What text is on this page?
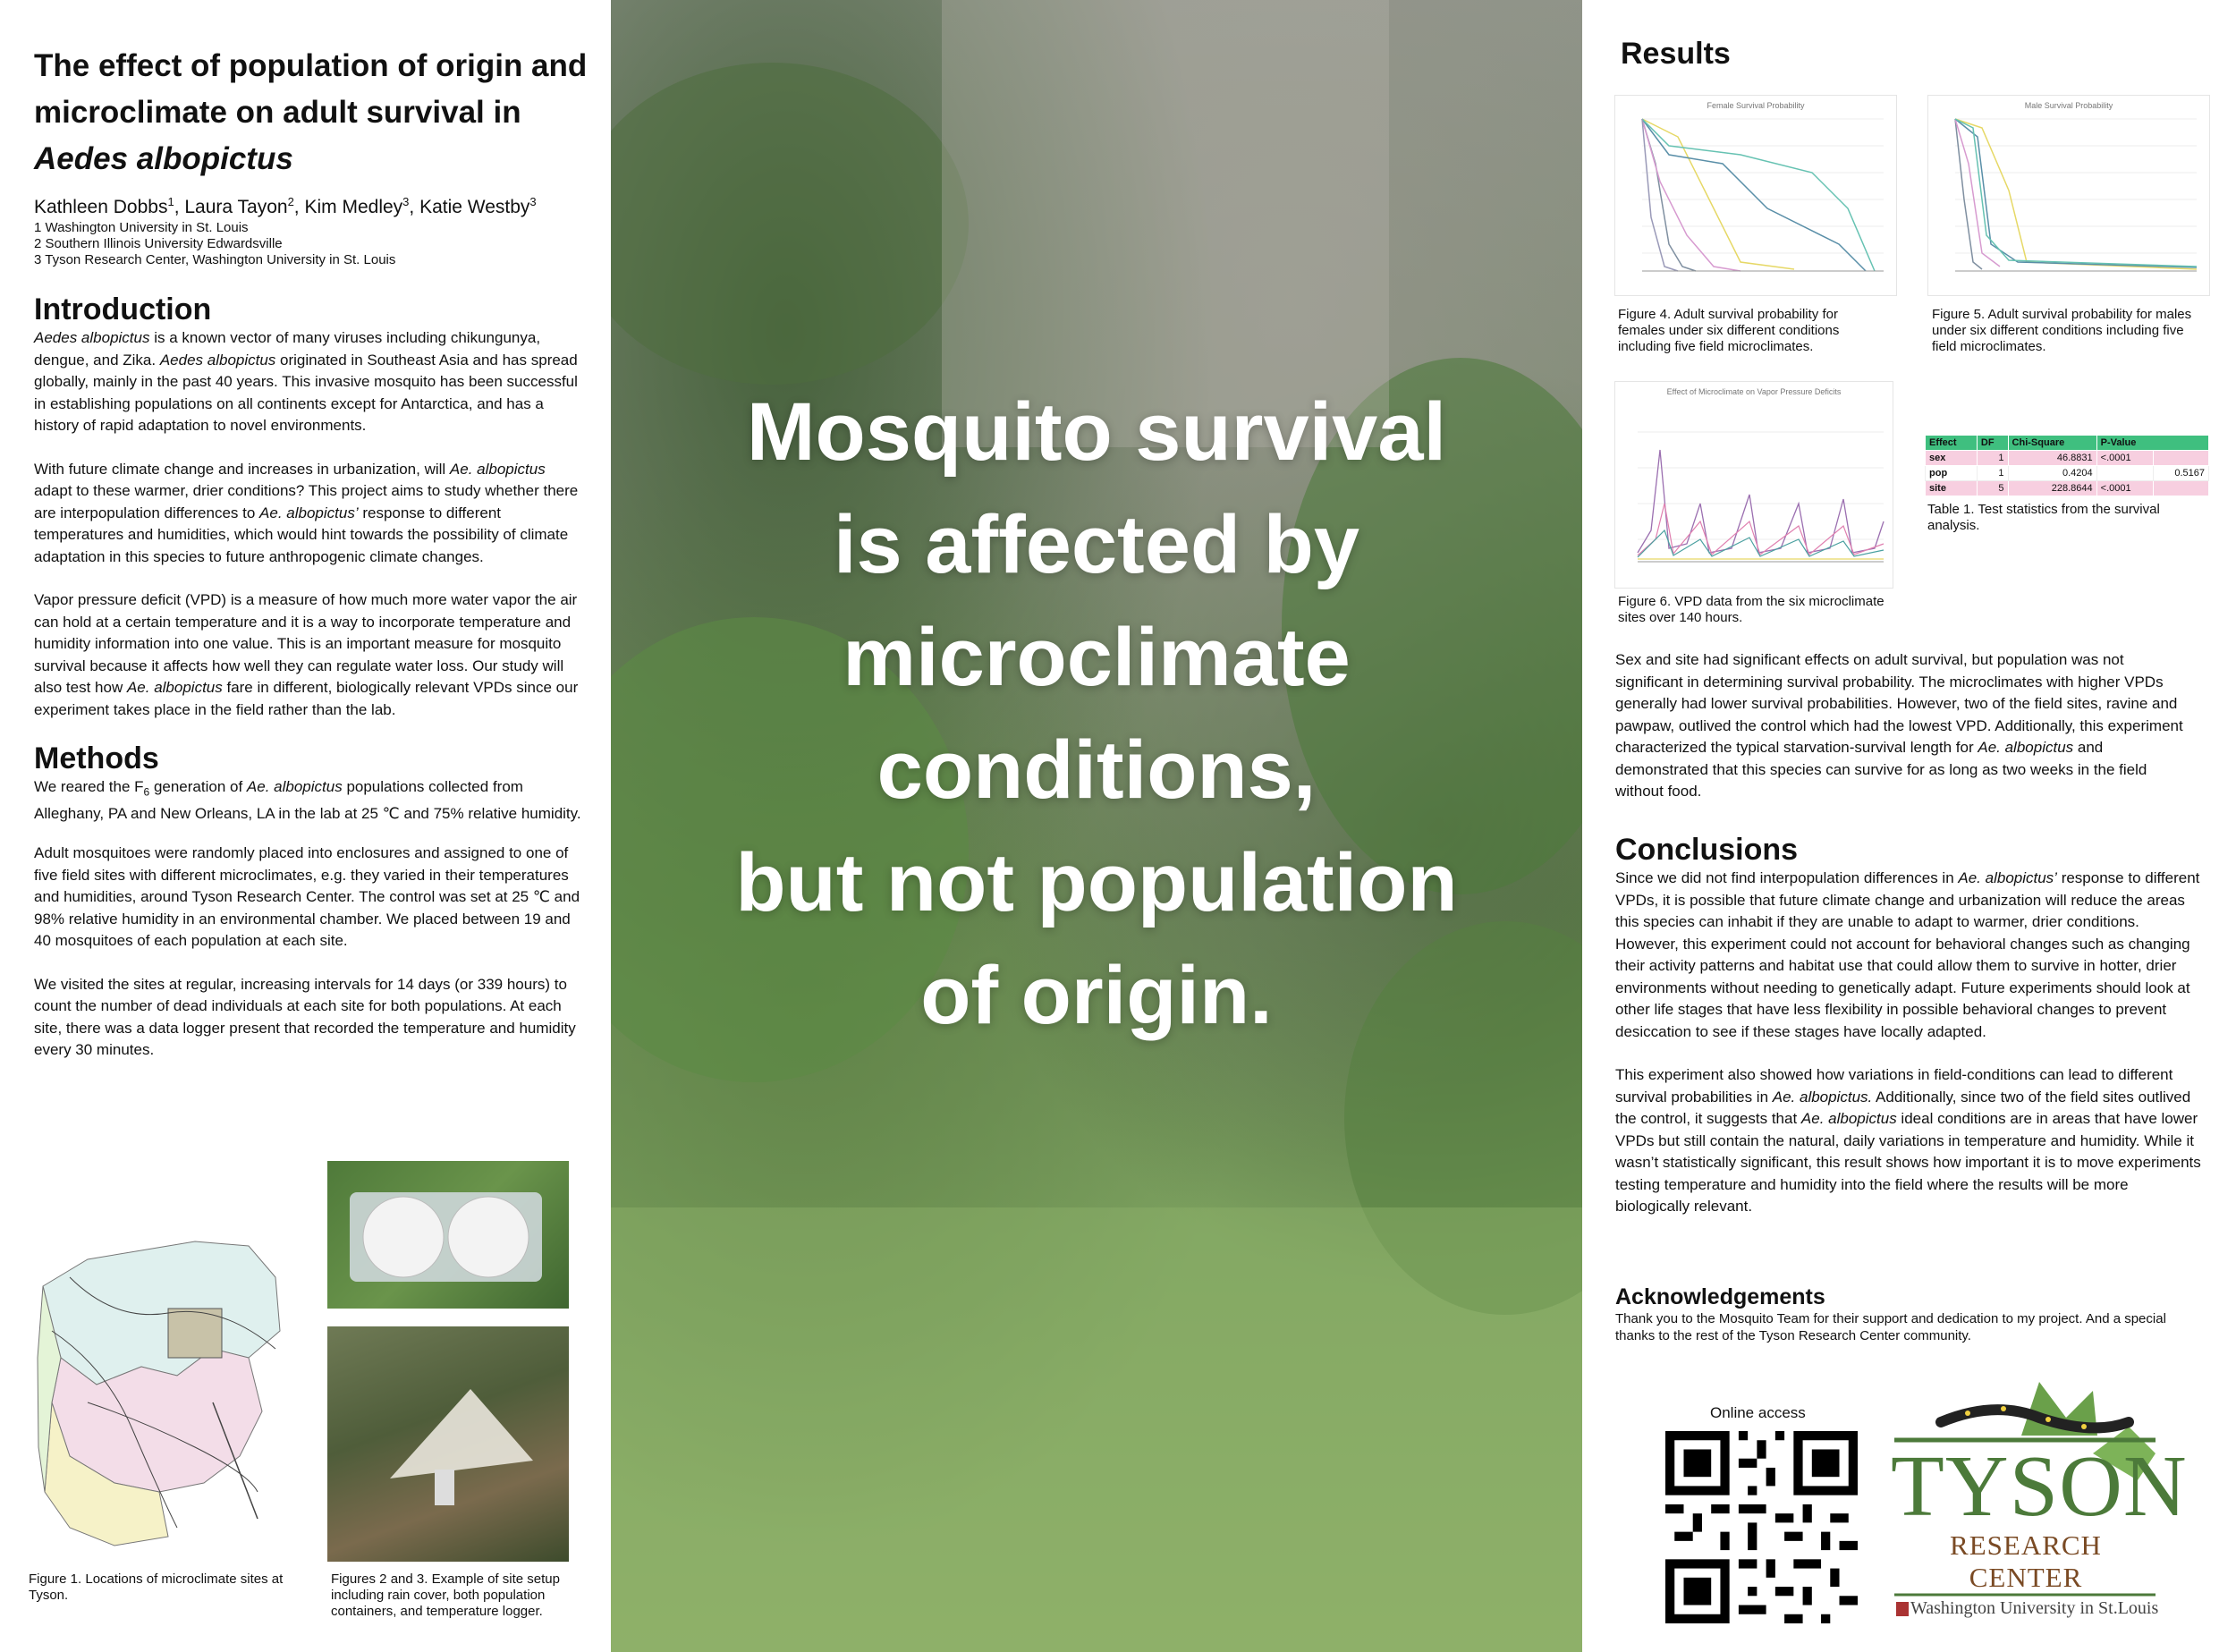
The effect of population of origin and microclimate on adult survival in Aedes albopictus
Kathleen Dobbs$^1$, Laura Tayon$^2$, Kim Medley$^3$, Katie Westby$^3$
1 Washington University in St. Louis
2 Southern Illinois University Edwardsville
3 Tyson Research Center, Washington University in St. Louis
Introduction

Aedes albopictus is a known vector of many viruses including chikungunya, dengue, and Zika. Aedes albopictus originated in Southeast Asia and has spread globally, mainly in the past 40 years. This invasive mosquito has been successful in establishing populations on all continents except for Antarctica, and has a history of rapid adaptation to novel environments.

With future climate change and increases in urbanization, will Ae. albopictus adapt to these warmer, drier conditions? This project aims to study whether there are interpopulation differences to Ae. albopictus’ response to different temperatures and humidities, which would hint towards the possibility of climate adaptation in this species to future anthropogenic climate changes.

Vapor pressure deficit (VPD) is a measure of how much more water vapor the air can hold at a certain temperature and it is a way to incorporate temperature and humidity information into one value. This is an important measure for mosquito survival because it affects how well they can regulate water loss. Our study will also test how Ae. albopictus fare in different, biologically relevant VPDs since our experiment takes place in the field rather than the lab.

Methods

We reared the $F_6$ generation of Ae. albopictus populations collected from Alleghany, PA and New Orleans, LA in the lab at 25 ℃ and 75% relative humidity.

Adult mosquitoes were randomly placed into enclosures and assigned to one of five field sites with different microclimates, e.g. they varied in their temperatures and humidities, around Tyson Research Center. The control was set at 25 ℃ and 98% relative humidity in an environmental chamber. We placed between 19 and 40 mosquitoes of each population at each site.

We visited the sites at regular, increasing intervals for 14 days (or 339 hours) to count the number of dead individuals at each site for both populations. At each site, there was a data logger present that recorded the temperature and humidity every 30 minutes.

Figure 1. Locations of microclimate sites at Tyson.
Figures 2 and 3. Example of site setup including rain cover, both population containers, and temperature logger.
Mosquito survival
is affected by
microclimate
conditions,
but not population
of origin.
Results
Female Survival Probability
Figure 4. Adult survival probability for females under six different conditions including five field microclimates.
Male Survival Probability
Figure 5. Adult survival probability for males under six different conditions including five field microclimates.
Effect of Microclimate on Vapor Pressure Deficits
Figure 6. VPD data from the six microclimate sites over 140 hours.
Effect	DF	Chi-Square	P-Value	
sex	1	46.8831	<.0001	
pop	1	0.4204		0.5167
site	5	228.8644	<.0001	
Table 1. Test statistics from the survival analysis.
Sex and site had significant effects on adult survival, but population was not significant in determining survival probability. The microclimates with higher VPDs generally had lower survival probabilities. However, two of the field sites, ravine and pawpaw, outlived the control which had the lowest VPD. Additionally, this experiment characterized the typical starvation-survival length for Ae. albopictus and demonstrated that this species can survive for as long as two weeks in the field without food.
Conclusions

Since we did not find interpopulation differences in Ae. albopictus’ response to different VPDs, it is possible that future climate change and urbanization will reduce the areas this species can inhabit if they are unable to adapt to warmer, drier conditions. However, this experiment could not account for behavioral changes such as changing their activity patterns and habitat use that could allow them to survive in hotter, drier environments without needing to genetically adapt. Future experiments should look at other life stages that have less flexibility in possible behavioral changes to prevent desiccation to see if these stages have locally adapted.

This experiment also showed how variations in field-conditions can lead to different survival probabilities in Ae. albopictus. Additionally, since two of the field sites outlived the control, it suggests that Ae. albopictus ideal conditions are in areas that have lower VPDs but still contain the natural, daily variations in temperature and humidity. While it wasn’t statistically significant, this result shows how important it is to move experiments testing temperature and humidity into the field where the results will be more biologically relevant.

Acknowledgements

Thank you to the Mosquito Team for their support and dedication to my project. And a special thanks to the rest of the Tyson Research Center community.

Online access
TYSON
RESEARCH CENTER
Washington University in St.Louis
